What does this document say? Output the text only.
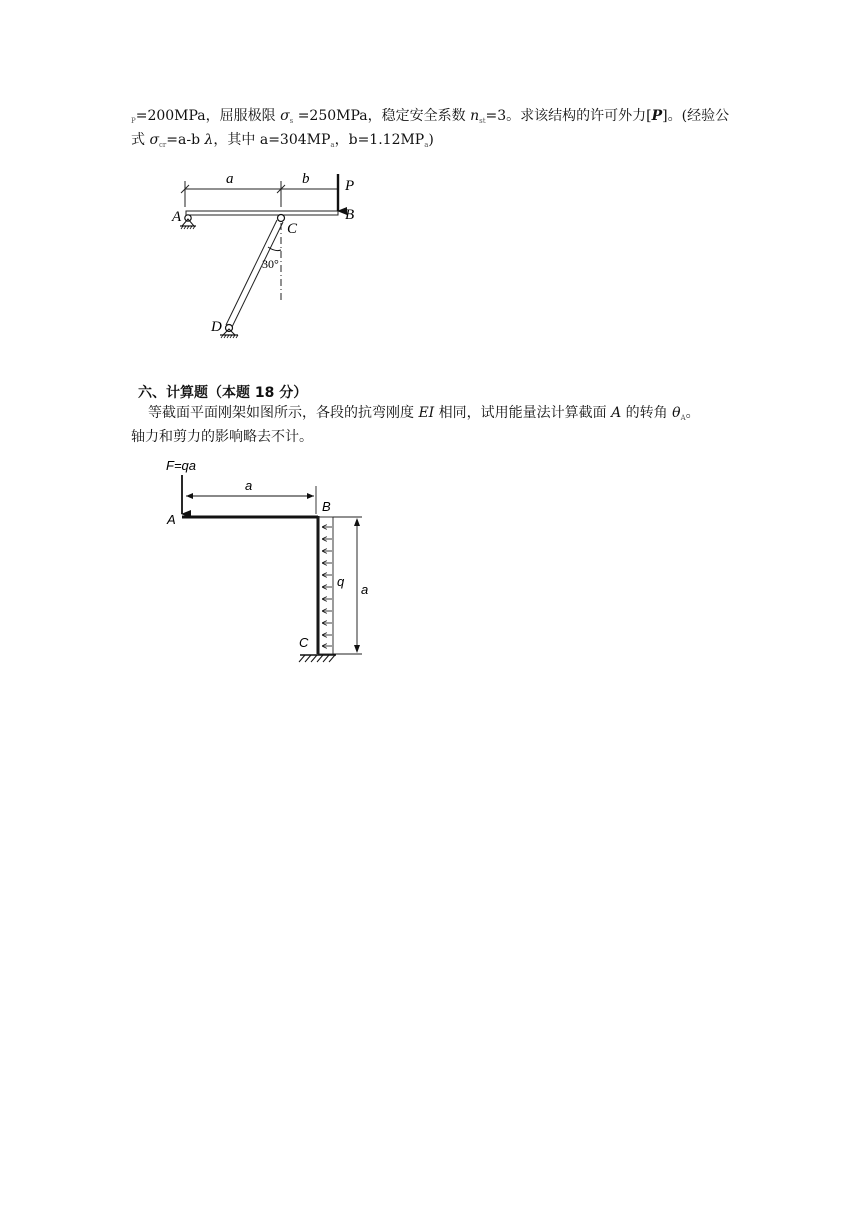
$_P$=200MPa，屈服极限 $\sigma_s =250MPa$，稳定安全系数 $n_{st}=3$。求该结构的许可外力[P]。(经验公
式 $\sigma_{cr}=a-b$ λ，其中 $a=304MP_a$，$b=1.12MP_a$)
a	b P
A	B
C
D
30°
六、计算题（本题 18 分）
等截面平面刚架如图所示，各段的抗弯刚度 EI 相同，试用能量法计算截面 A 的转角 $\theta_A$。
轴力和剪力的影响略去不计。
F=qa
a
A
B
q
a
C
